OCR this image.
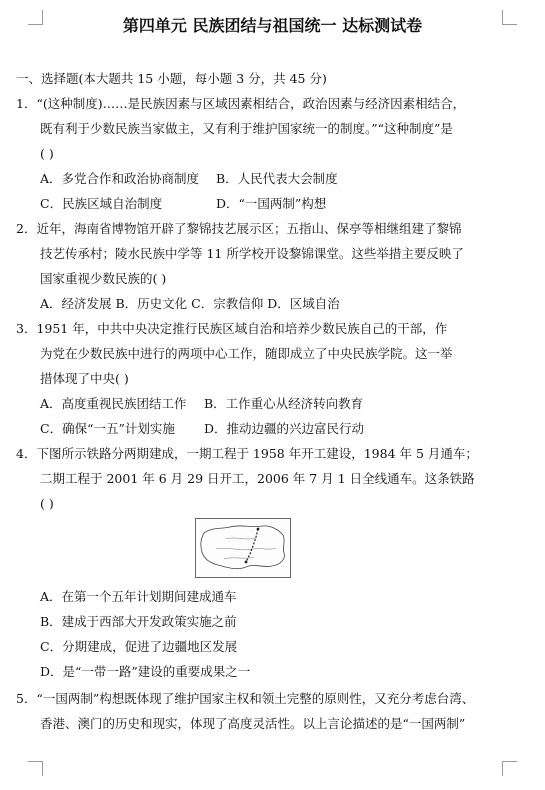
第四单元 民族团结与祖国统一 达标测试卷
一、选择题(本大题共 15 小题，每小题 3 分，共 45 分)
1．“(这种制度)……是民族因素与区域因素相结合，政治因素与经济因素相结合，
既有利于少数民族当家做主，又有利于维护国家统一的制度。”“这种制度”是
( )
A．多党合作和政治协商制度 B．人民代表大会制度
C．民族区域自治制度	D．“一国两制”构想
2．近年，海南省博物馆开辟了黎锦技艺展示区；五指山、保亭等相继组建了黎锦
技艺传承村；陵水民族中学等 11 所学校开设黎锦课堂。这些举措主要反映了
国家重视少数民族的( )
A．经济发展 B．历史文化 C．宗教信仰 D．区域自治
3．1951 年，中共中央决定推行民族区域自治和培养少数民族自己的干部，作
为党在少数民族中进行的两项中心工作，随即成立了中央民族学院。这一举
措体现了中央( )
A．高度重视民族团结工作 B．工作重心从经济转向教育
C．确保“一五”计划实施 D．推动边疆的兴边富民行动
4．下图所示铁路分两期建成，一期工程于 1958 年开工建设，1984 年 5 月通车；
二期工程于 2001 年 6 月 29 日开工，2006 年 7 月 1 日全线通车。这条铁路
( )
A．在第一个五年计划期间建成通车
B．建成于西部大开发政策实施之前
C．分期建成，促进了边疆地区发展
D．是“一带一路”建设的重要成果之一
5．“一国两制”构想既体现了维护国家主权和领土完整的原则性，又充分考虑台湾、
香港、澳门的历史和现实，体现了高度灵活性。以上言论描述的是“一国两制”
